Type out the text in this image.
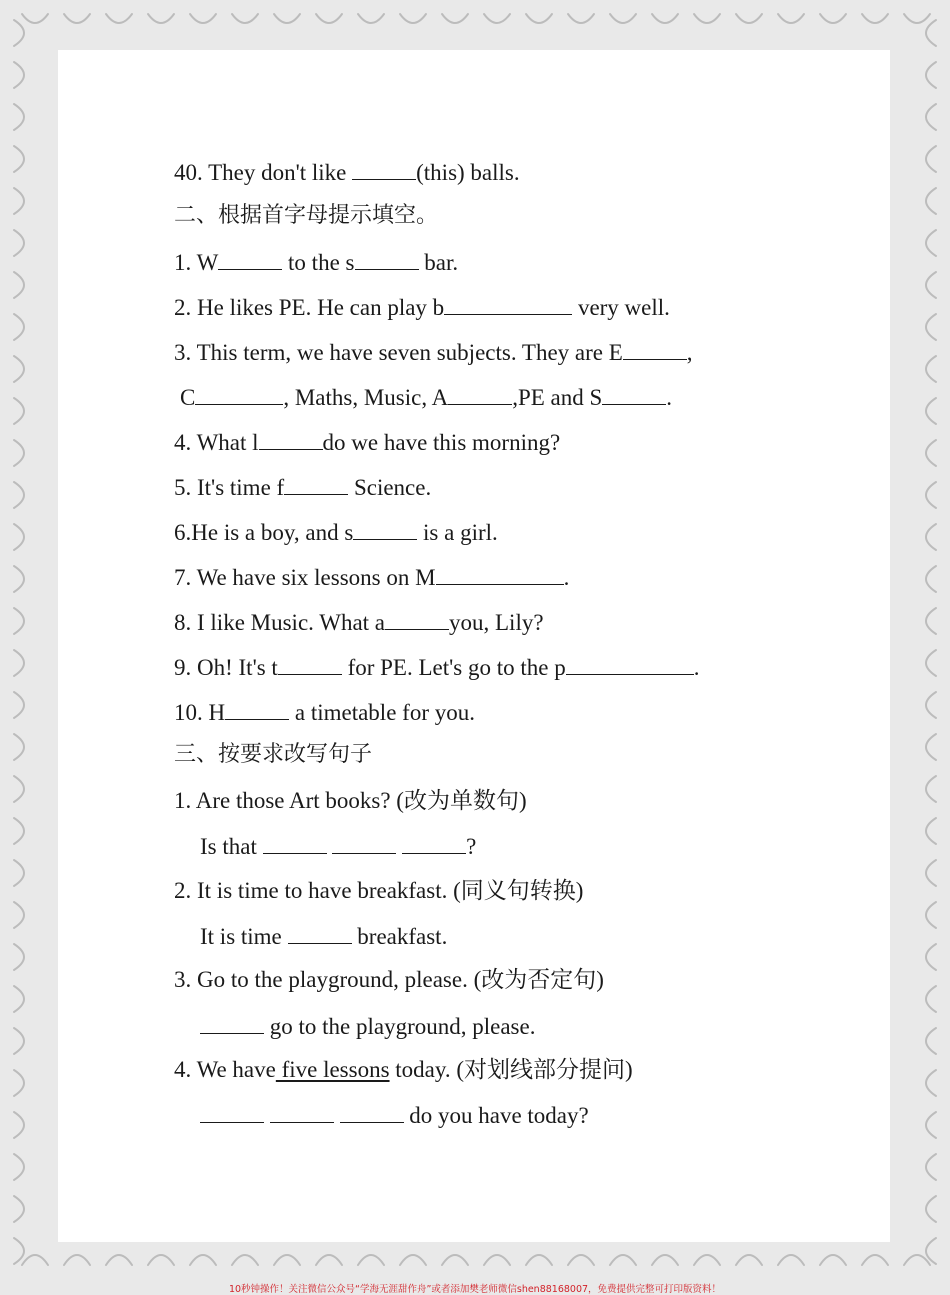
40. They don't like	(this) balls.
二、根据首字母提示填空。
1. W	to the s	bar.
2. He likes PE. He can play b	very well.
3. This term, we have seven subjects. They are E	,
C	, Maths, Music, A	,PE and S	.
4. What l	do we have this morning?
5. It's time f	Science.
6.He is a boy, and s	is a girl.
7. We have six lessons on M	.
8. I like Music. What a	you, Lily?
9. Oh! It's t	for PE. Let's go to the p	.
10. H	a timetable for you.
三、按要求改写句子
1. Are those Art books? (改为单数句)
Is that	?
2. It is time to have breakfast. (同义句转换)
It is time	breakfast.
3. Go to the playground, please. (改为否定句)
go to the playground, please.
4. We have five lessons today. (对划线部分提问)
do you have today?
10秒钟操作！关注微信公众号“学海无涯甜作舟”或者添加樊老师微信shen88168007，免费提供完整可打印版资料！
